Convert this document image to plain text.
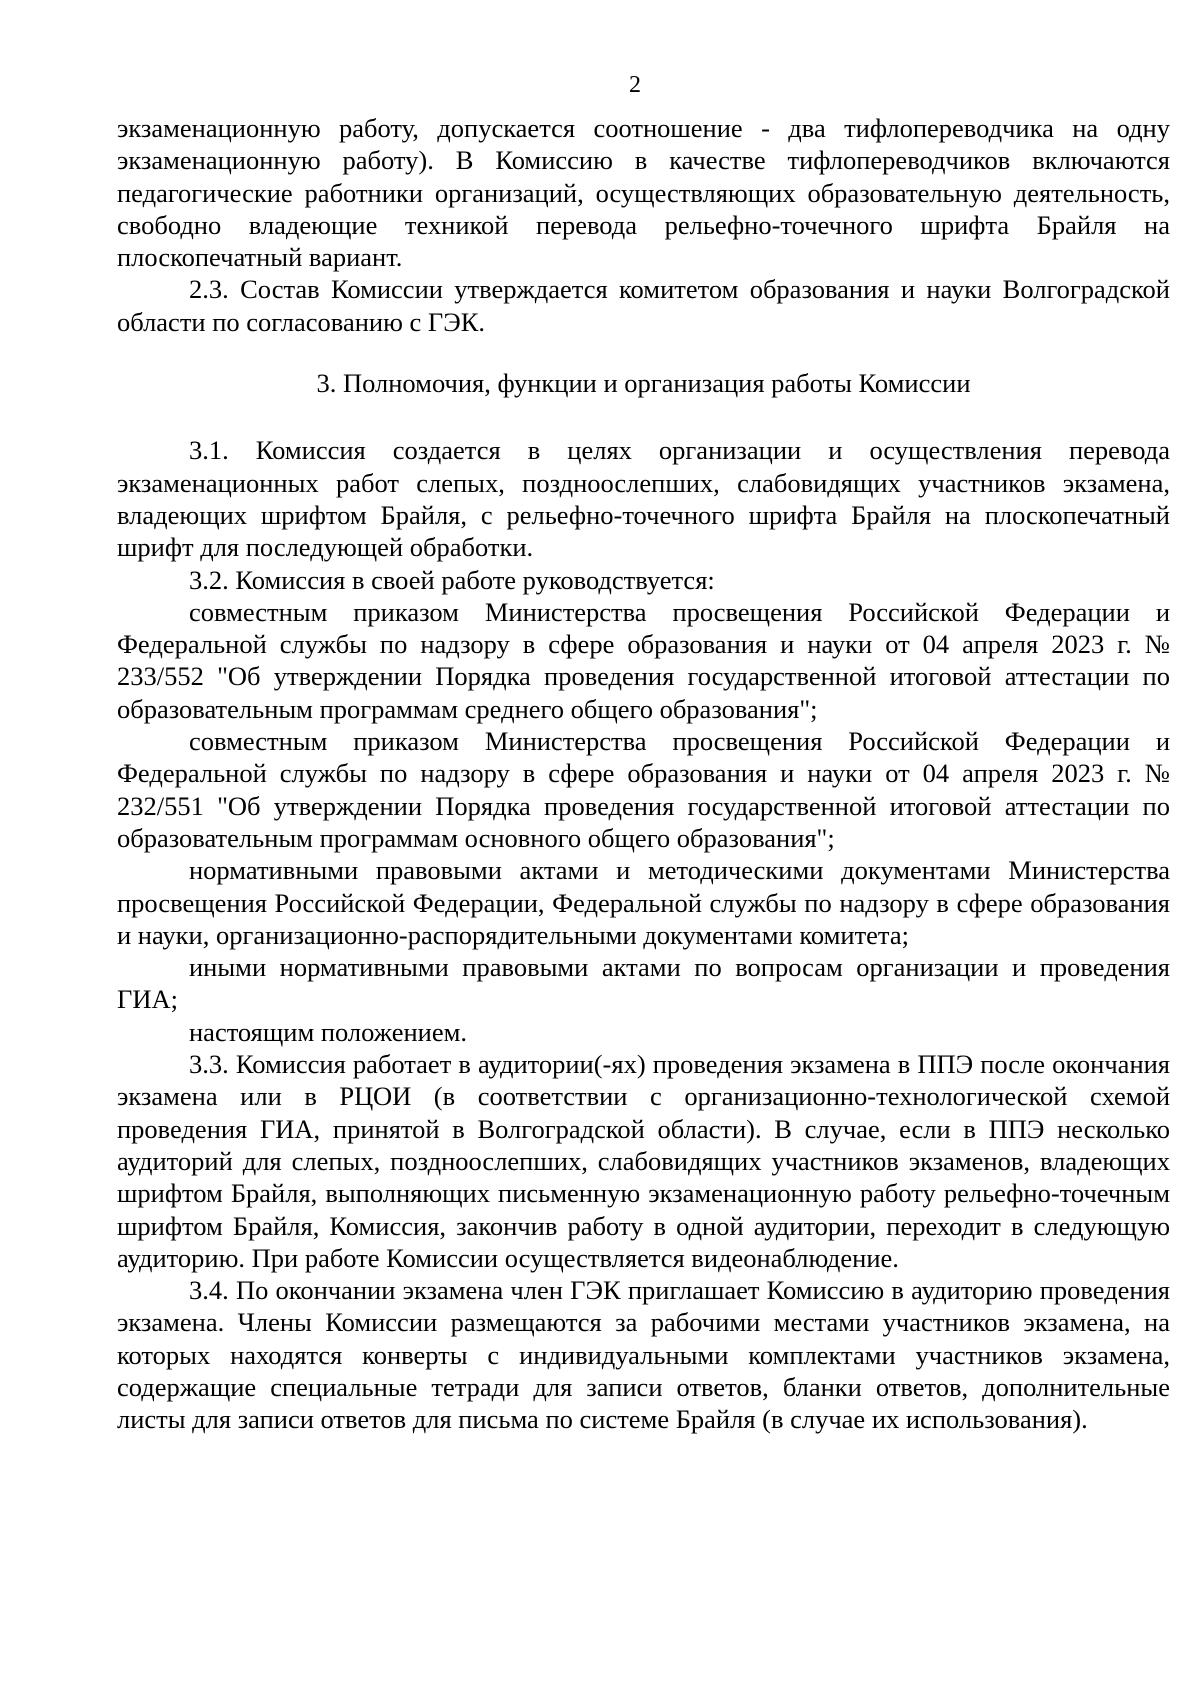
2

экзаменационную работу, допускается соотношение - два тифлопереводчика на одну экзаменационную работу). В Комиссию в качестве тифлопереводчиков включаются педагогические работники организаций, осуществляющих образовательную деятельность, свободно владеющие техникой перевода рельефно-точечного шрифта Брайля на плоскопечатный вариант.

2.3. Состав Комиссии утверждается комитетом образования и науки Волгоградской области по согласованию с ГЭК.

3. Полномочия, функции и организация работы Комиссии

3.1. Комиссия создается в целях организации и осуществления перевода экзаменационных работ слепых, поздноослепших, слабовидящих участников экзамена, владеющих шрифтом Брайля, с рельефно-точечного шрифта Брайля на плоскопечатный шрифт для последующей обработки.

3.2. Комиссия в своей работе руководствуется:

совместным приказом Министерства просвещения Российской Федерации и Федеральной службы по надзору в сфере образования и науки от 04 апреля 2023 г. № 233/552 "Об утверждении Порядка проведения государственной итоговой аттестации по образовательным программам среднего общего образования";

совместным приказом Министерства просвещения Российской Федерации и Федеральной службы по надзору в сфере образования и науки от 04 апреля 2023 г. № 232/551 "Об утверждении Порядка проведения государственной итоговой аттестации по образовательным программам основного общего образования";

нормативными правовыми актами и методическими документами Министерства просвещения Российской Федерации, Федеральной службы по надзору в сфере образования и науки, организационно-распорядительными документами комитета;

иными нормативными правовыми актами по вопросам организации и проведения ГИА;

настоящим положением.

3.3. Комиссия работает в аудитории(-ях) проведения экзамена в ППЭ после окончания экзамена или в РЦОИ (в соответствии с организационно-технологической схемой проведения ГИА, принятой в Волгоградской области). В случае, если в ППЭ несколько аудиторий для слепых, поздноослепших, слабовидящих участников экзаменов, владеющих шрифтом Брайля, выполняющих письменную экзаменационную работу рельефно-точечным шрифтом Брайля, Комиссия, закончив работу в одной аудитории, переходит в следующую аудиторию. При работе Комиссии осуществляется видеонаблюдение.

3.4. По окончании экзамена член ГЭК приглашает Комиссию в аудиторию проведения экзамена. Члены Комиссии размещаются за рабочими местами участников экзамена, на которых находятся конверты с индивидуальными комплектами участников экзамена, содержащие специальные тетради для записи ответов, бланки ответов, дополнительные листы для записи ответов для письма по системе Брайля (в случае их использования).
